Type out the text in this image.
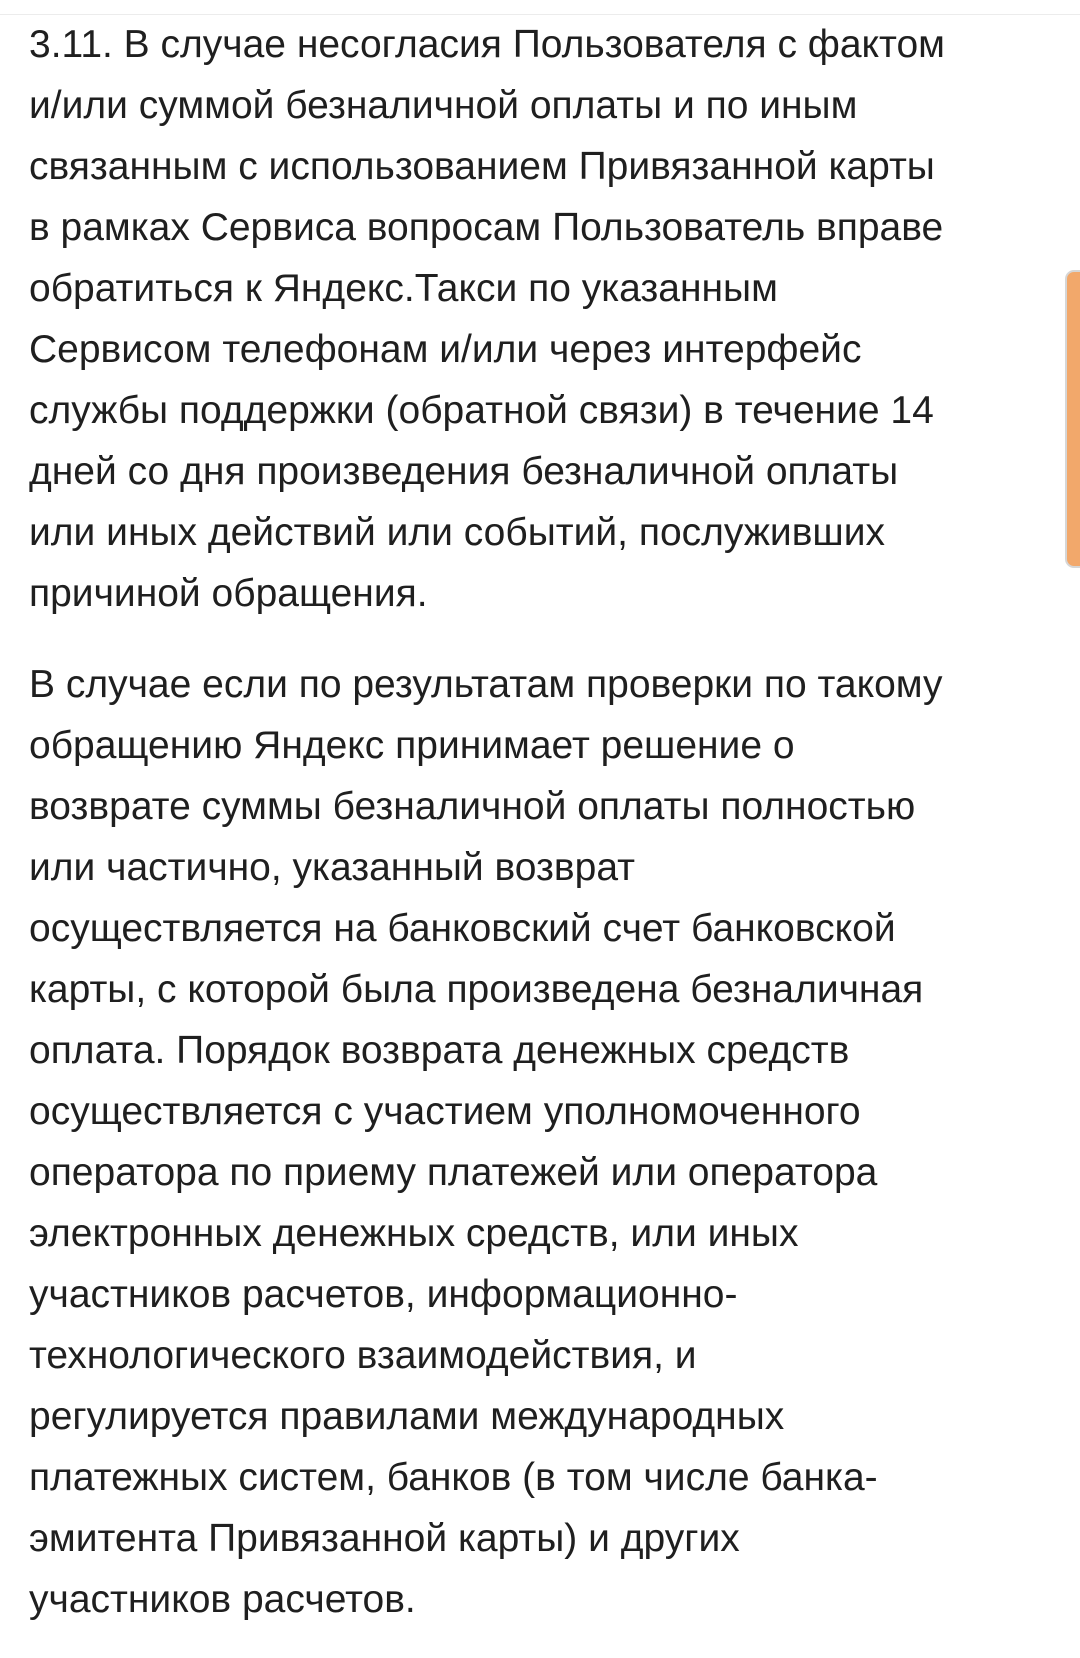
3.11. В случае несогласия Пользователя с фактом
и/или суммой безналичной оплаты и по иным
связанным с использованием Привязанной карты
в рамках Сервиса вопросам Пользователь вправе
обратиться к Яндекс.Такси по указанным
Сервисом телефонам и/или через интерфейс
службы поддержки (обратной связи) в течение 14
дней со дня произведения безналичной оплаты
или иных действий или событий, послуживших
причиной обращения.

В случае если по результатам проверки по такому
обращению Яндекс принимает решение о
возврате суммы безналичной оплаты полностью
или частично, указанный возврат
осуществляется на банковский счет банковской
карты, с которой была произведена безналичная
оплата. Порядок возврата денежных средств
осуществляется с участием уполномоченного
оператора по приему платежей или оператора
электронных денежных средств, или иных
участников расчетов, информационно-
технологического взаимодействия, и
регулируется правилами международных
платежных систем, банков (в том числе банка-
эмитента Привязанной карты) и других
участников расчетов.
